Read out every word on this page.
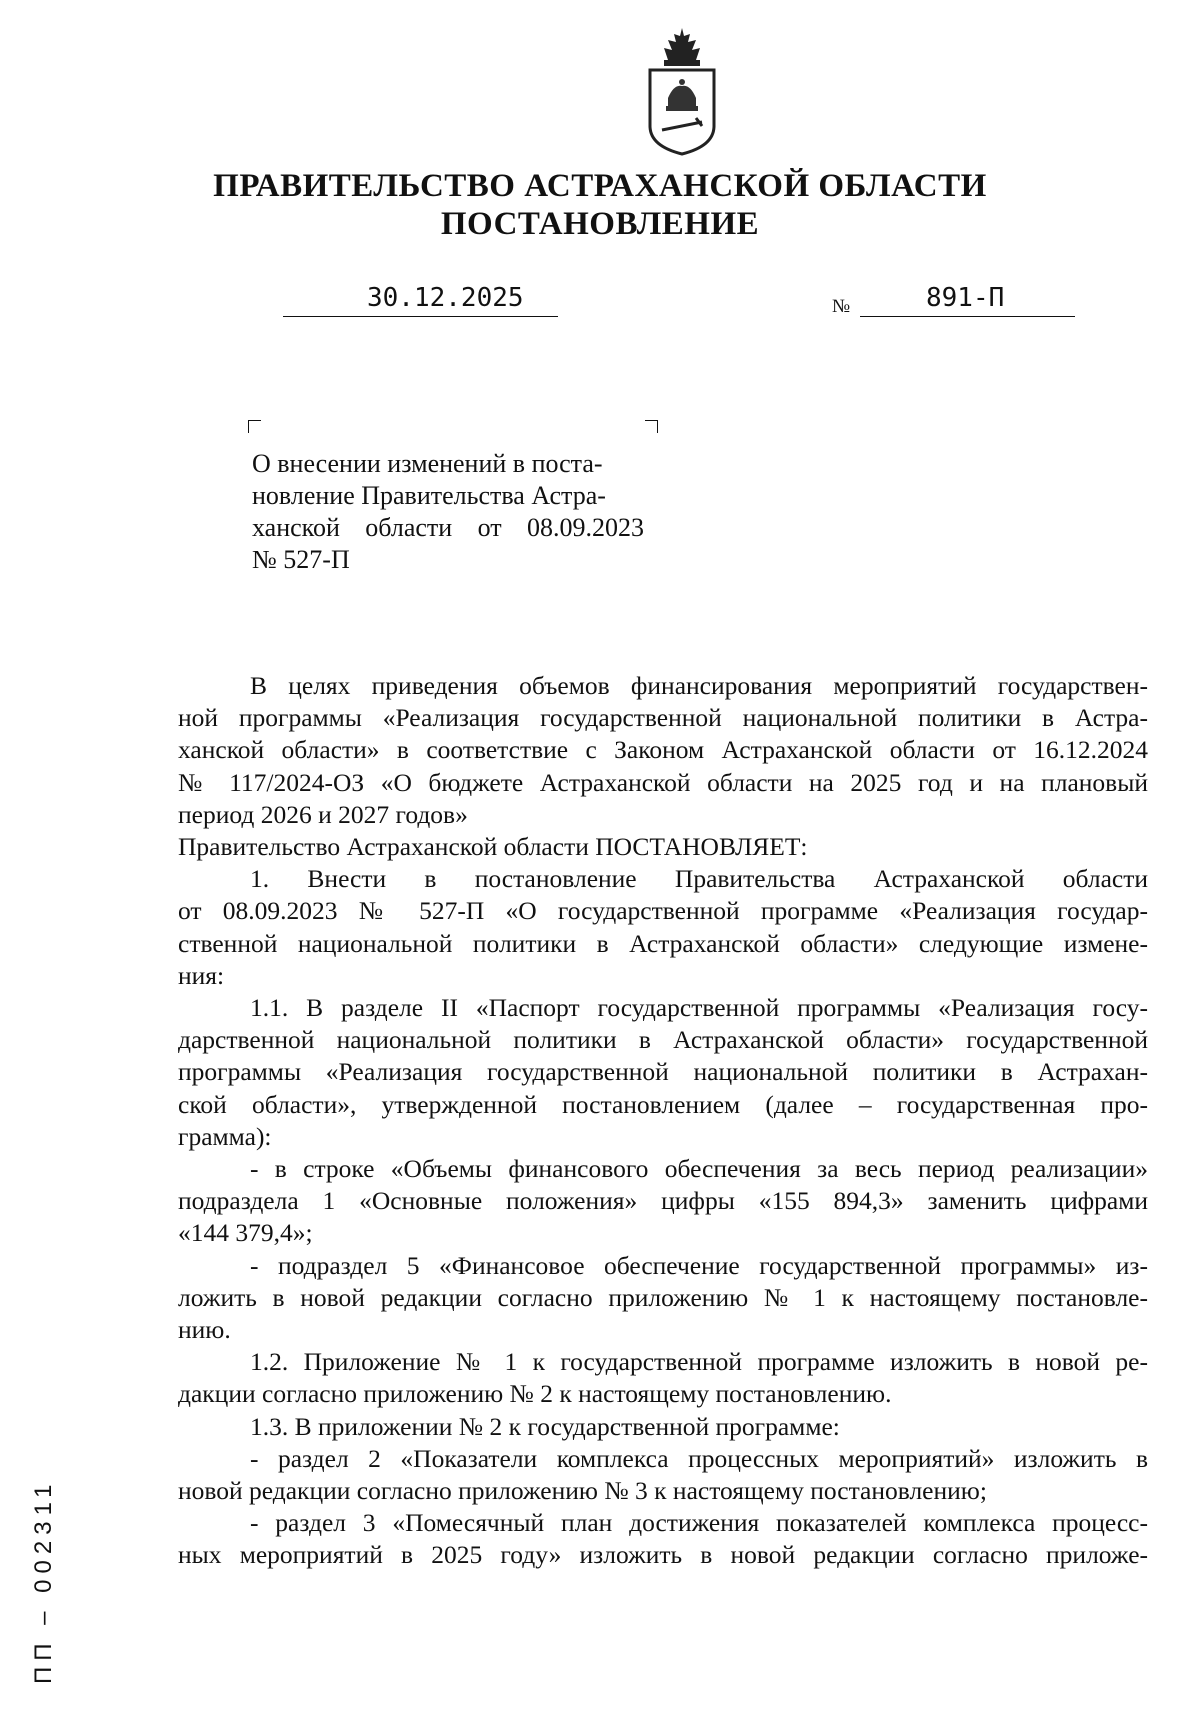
ПРАВИТЕЛЬСТВО АСТРАХАНСКОЙ ОБЛАСТИ
ПОСТАНОВЛЕНИЕ
30.12.2025	№	891-П
О внесении изменений в поста-
новление Правительства Астра-
ханской области от 08.09.2023
№ 527-П
В целях приведения объемов финансирования мероприятий государствен-
ной программы «Реализация государственной национальной политики в Астра-
ханской области» в соответствие с Законом Астраханской области от 16.12.2024
№ 117/2024-ОЗ «О бюджете Астраханской области на 2025 год и на плановый
период 2026 и 2027 годов»
Правительство Астраханской области ПОСТАНОВЛЯЕТ:
1. Внести в постановление Правительства Астраханской области
от 08.09.2023 № 527-П «О государственной программе «Реализация государ-
ственной национальной политики в Астраханской области» следующие измене-
ния:
1.1. В разделе II «Паспорт государственной программы «Реализация госу-
дарственной национальной политики в Астраханской области» государственной
программы «Реализация государственной национальной политики в Астрахан-
ской области», утвержденной постановлением (далее – государственная про-
грамма):
- в строке «Объемы финансового обеспечения за весь период реализации»
подраздела 1 «Основные положения» цифры «155 894,3» заменить цифрами
«144 379,4»;
- подраздел 5 «Финансовое обеспечение государственной программы» из-
ложить в новой редакции согласно приложению № 1 к настоящему постановле-
нию.
1.2. Приложение № 1 к государственной программе изложить в новой ре-
дакции согласно приложению № 2 к настоящему постановлению.
1.3. В приложении № 2 к государственной программе:
- раздел 2 «Показатели комплекса процессных мероприятий» изложить в
новой редакции согласно приложению № 3 к настоящему постановлению;
- раздел 3 «Помесячный план достижения показателей комплекса процесс-
ных мероприятий в 2025 году» изложить в новой редакции согласно приложе-
ПП – 002311
